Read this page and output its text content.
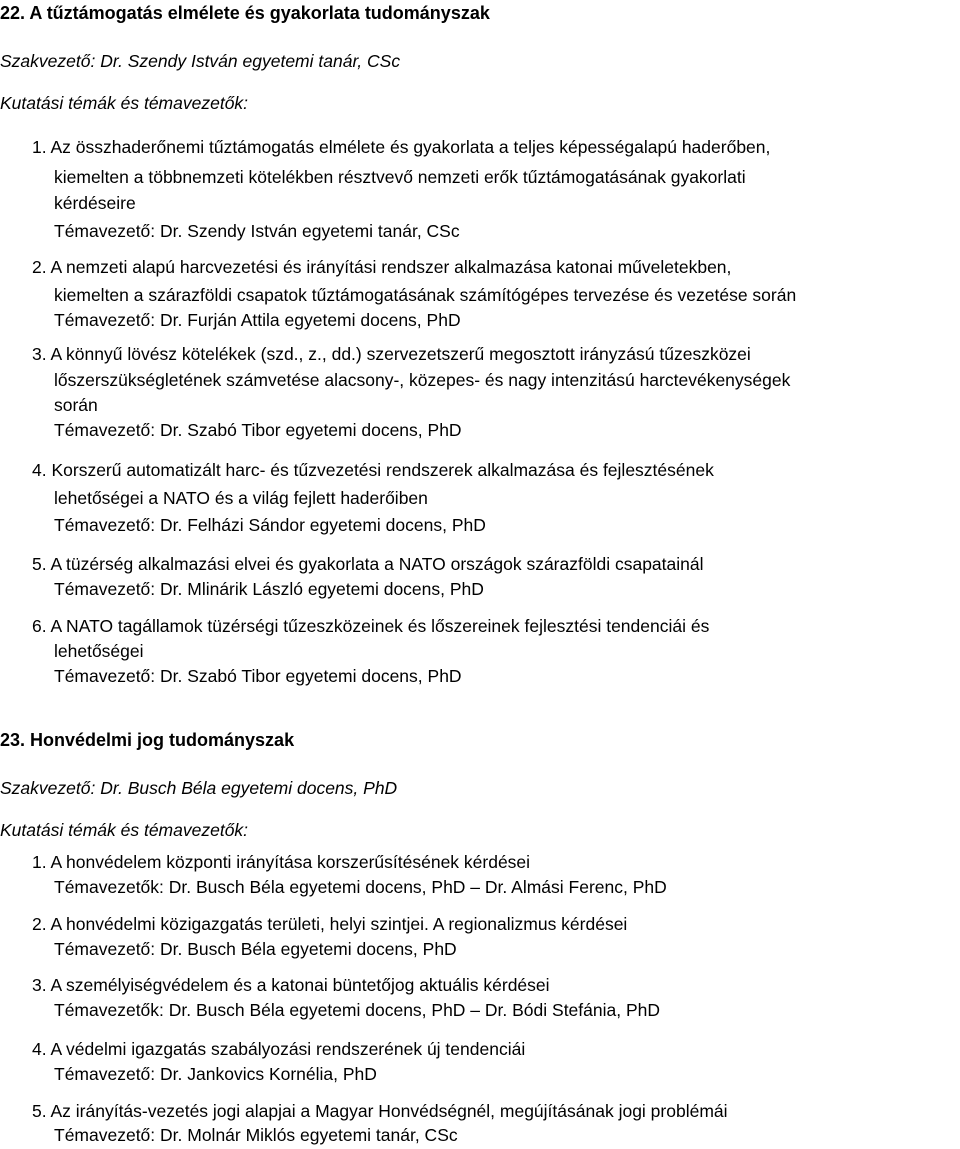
22. A tűztámogatás elmélete és gyakorlata tudományszak
Szakvezető: Dr. Szendy István egyetemi tanár, CSc
Kutatási témák és témavezetők:
1. Az összhaderőnemi tűztámogatás elmélete és gyakorlata a teljes képességalapú haderőben,
kiemelten a többnemzeti kötelékben résztvevő nemzeti erők tűztámogatásának gyakorlati
kérdéseire
Témavezető: Dr. Szendy István egyetemi tanár, CSc
2. A nemzeti alapú harcvezetési és irányítási rendszer alkalmazása katonai műveletekben,
kiemelten a szárazföldi csapatok tűztámogatásának számítógépes tervezése és vezetése során
Témavezető: Dr. Furján Attila egyetemi docens, PhD
3. A könnyű lövész kötelékek (szd., z., dd.) szervezetszerű megosztott irányzású tűzeszközei
lőszerszükségletének számvetése alacsony-, közepes- és nagy intenzitású harctevékenységek
során
Témavezető: Dr. Szabó Tibor egyetemi docens, PhD
4. Korszerű automatizált harc- és tűzvezetési rendszerek alkalmazása és fejlesztésének
lehetőségei a NATO és a világ fejlett haderőiben
Témavezető: Dr. Felházi Sándor egyetemi docens, PhD
5. A tüzérség alkalmazási elvei és gyakorlata a NATO országok szárazföldi csapatainál
Témavezető: Dr. Mlinárik László egyetemi docens, PhD
6. A NATO tagállamok tüzérségi tűzeszközeinek és lőszereinek fejlesztési tendenciái és
lehetőségei
Témavezető: Dr. Szabó Tibor egyetemi docens, PhD
23. Honvédelmi jog tudományszak
Szakvezető: Dr. Busch Béla egyetemi docens, PhD
Kutatási témák és témavezetők:
1. A honvédelem központi irányítása korszerűsítésének kérdései
Témavezetők: Dr. Busch Béla egyetemi docens, PhD – Dr. Almási Ferenc, PhD
2. A honvédelmi közigazgatás területi, helyi szintjei. A regionalizmus kérdései
Témavezető: Dr. Busch Béla egyetemi docens, PhD
3. A személyiségvédelem és a katonai büntetőjog aktuális kérdései
Témavezetők: Dr. Busch Béla egyetemi docens, PhD – Dr. Bódi Stefánia, PhD
4. A védelmi igazgatás szabályozási rendszerének új tendenciái
Témavezető: Dr. Jankovics Kornélia, PhD
5. Az irányítás-vezetés jogi alapjai a Magyar Honvédségnél, megújításának jogi problémái
Témavezető: Dr. Molnár Miklós egyetemi tanár, CSc
